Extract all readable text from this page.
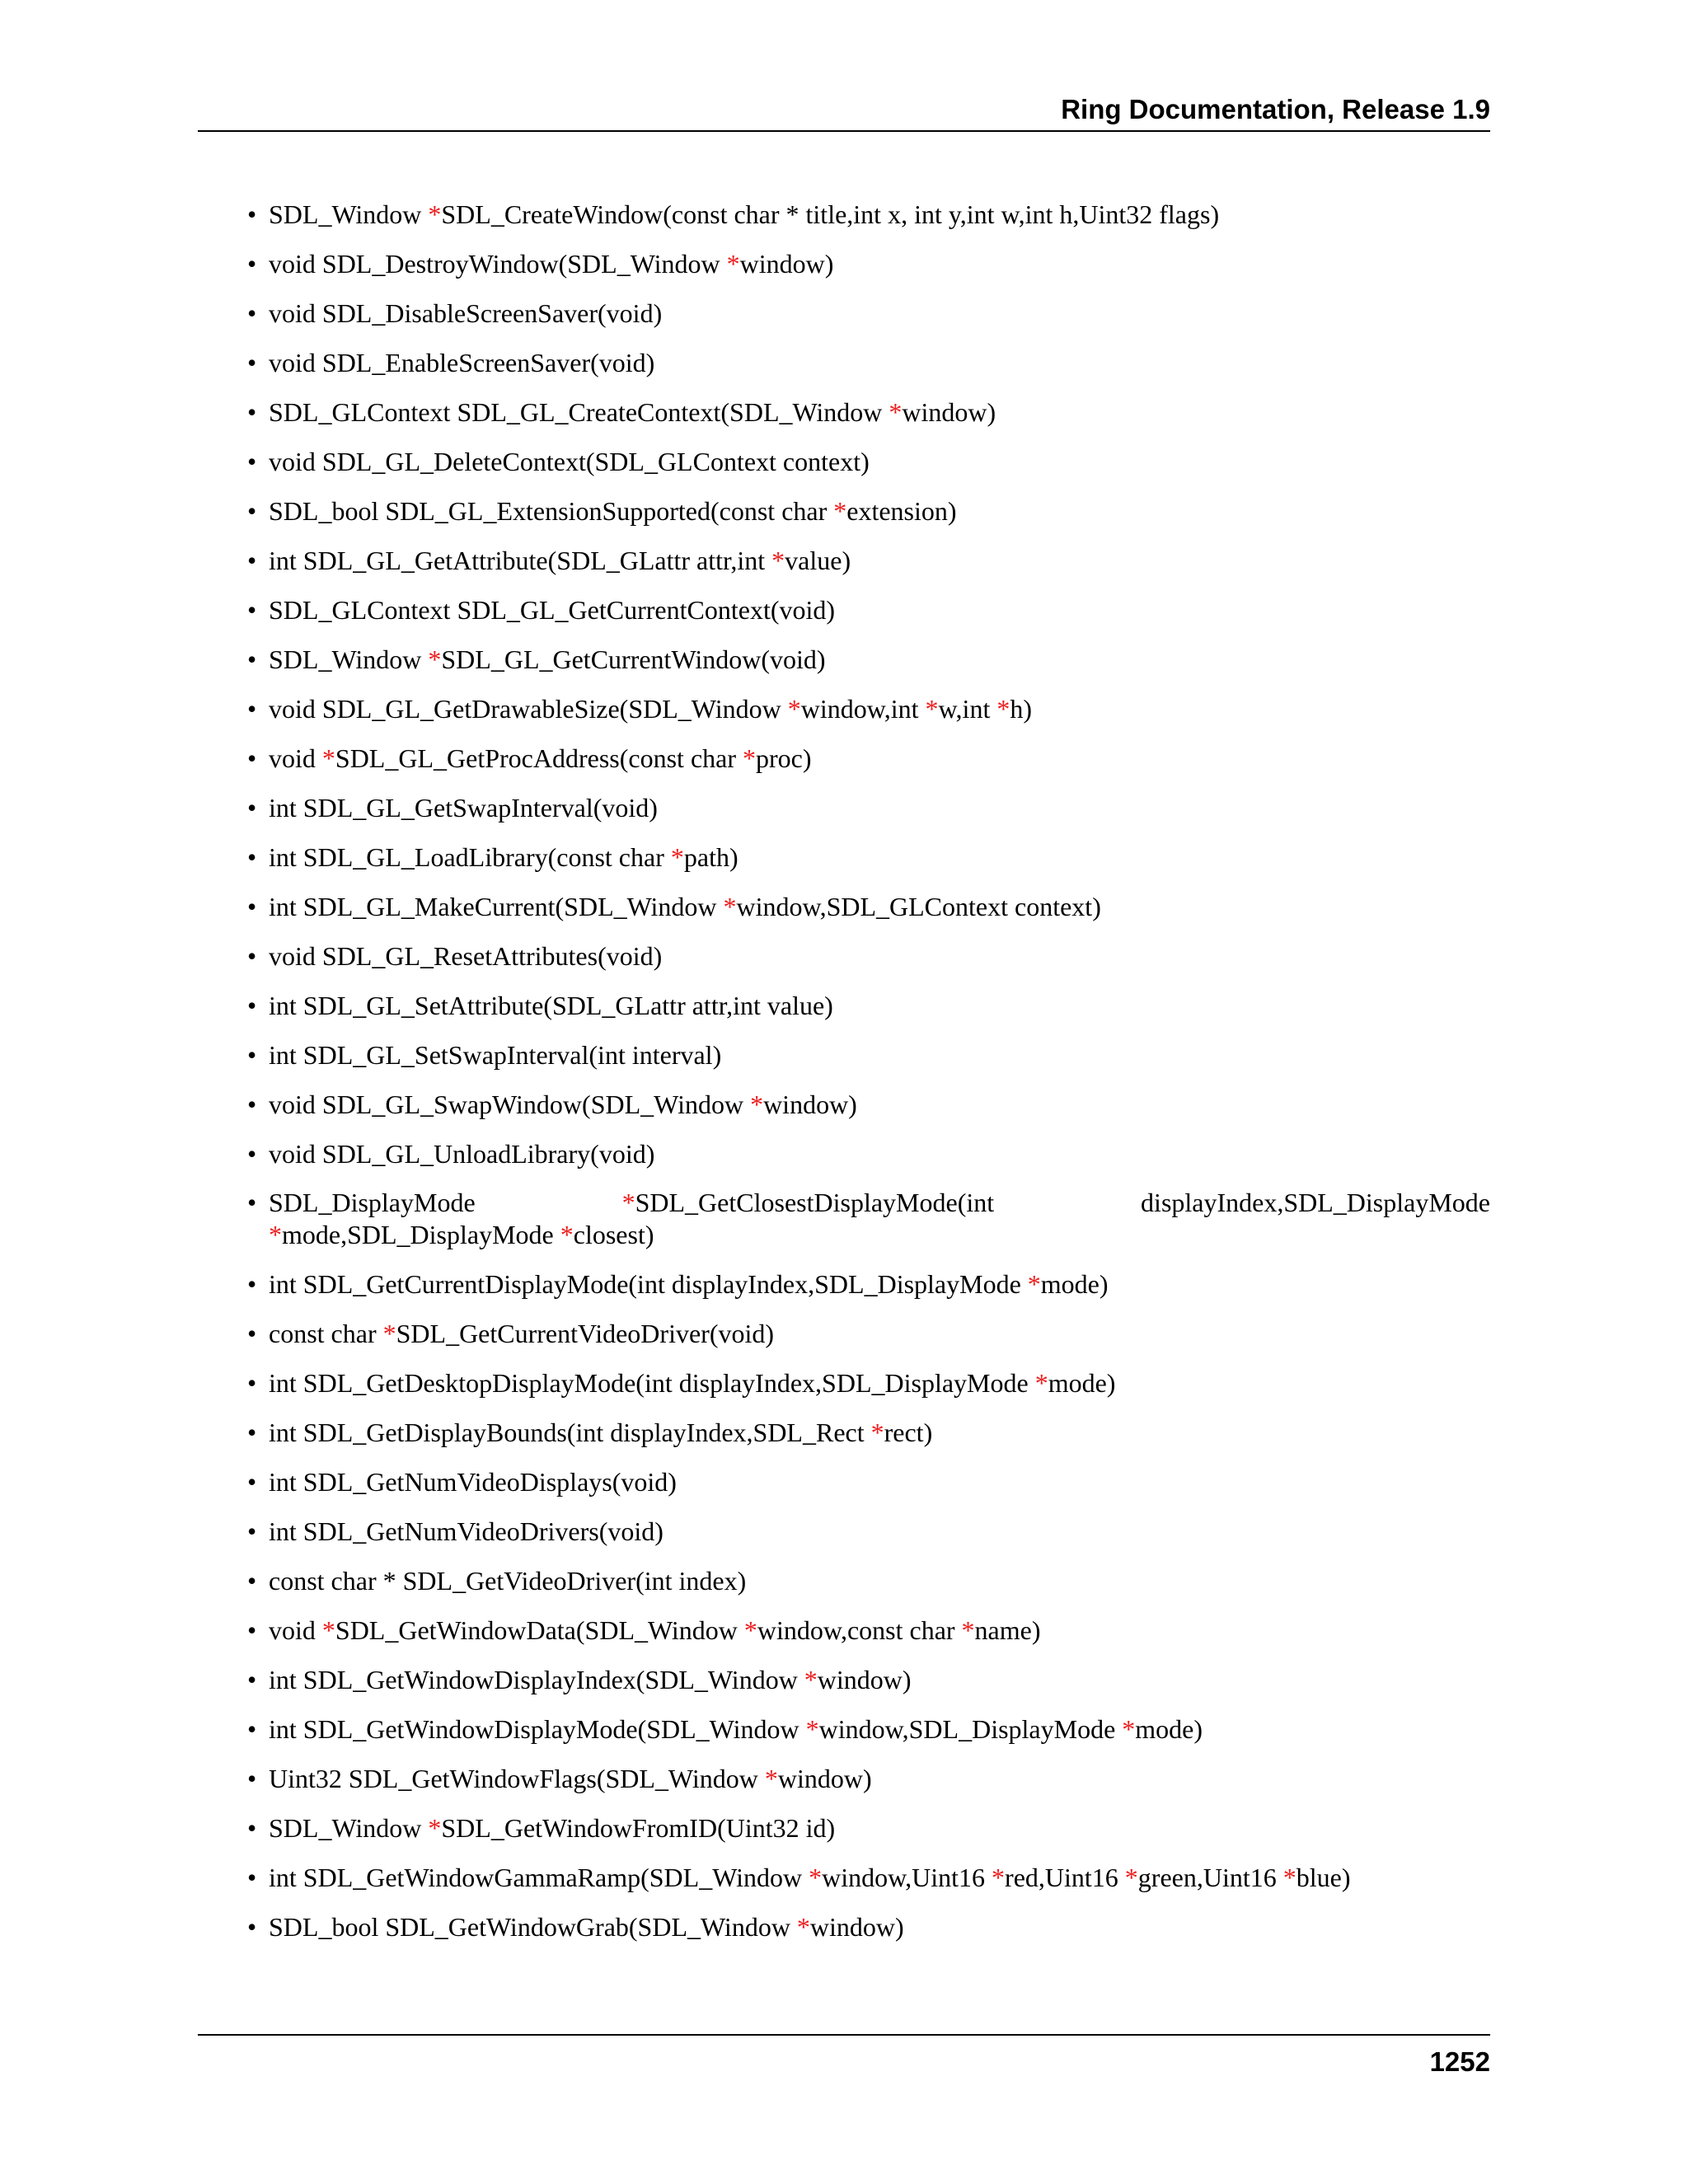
Ring Documentation, Release 1.9
• SDL_Window *SDL_CreateWindow(const char * title,int x, int y,int w,int h,Uint32 flags)
• void SDL_DestroyWindow(SDL_Window *window)
• void SDL_DisableScreenSaver(void)
• void SDL_EnableScreenSaver(void)
• SDL_GLContext SDL_GL_CreateContext(SDL_Window *window)
• void SDL_GL_DeleteContext(SDL_GLContext context)
• SDL_bool SDL_GL_ExtensionSupported(const char *extension)
• int SDL_GL_GetAttribute(SDL_GLattr attr,int *value)
• SDL_GLContext SDL_GL_GetCurrentContext(void)
• SDL_Window *SDL_GL_GetCurrentWindow(void)
• void SDL_GL_GetDrawableSize(SDL_Window *window,int *w,int *h)
• void *SDL_GL_GetProcAddress(const char *proc)
• int SDL_GL_GetSwapInterval(void)
• int SDL_GL_LoadLibrary(const char *path)
• int SDL_GL_MakeCurrent(SDL_Window *window,SDL_GLContext context)
• void SDL_GL_ResetAttributes(void)
• int SDL_GL_SetAttribute(SDL_GLattr attr,int value)
• int SDL_GL_SetSwapInterval(int interval)
• void SDL_GL_SwapWindow(SDL_Window *window)
• void SDL_GL_UnloadLibrary(void)
• SDL_DisplayMode *SDL_GetClosestDisplayMode(int displayIndex,SDL_DisplayMode *mode,SDL_DisplayMode *closest)
• int SDL_GetCurrentDisplayMode(int displayIndex,SDL_DisplayMode *mode)
• const char *SDL_GetCurrentVideoDriver(void)
• int SDL_GetDesktopDisplayMode(int displayIndex,SDL_DisplayMode *mode)
• int SDL_GetDisplayBounds(int displayIndex,SDL_Rect *rect)
• int SDL_GetNumVideoDisplays(void)
• int SDL_GetNumVideoDrivers(void)
• const char * SDL_GetVideoDriver(int index)
• void *SDL_GetWindowData(SDL_Window *window,const char *name)
• int SDL_GetWindowDisplayIndex(SDL_Window *window)
• int SDL_GetWindowDisplayMode(SDL_Window *window,SDL_DisplayMode *mode)
• Uint32 SDL_GetWindowFlags(SDL_Window *window)
• SDL_Window *SDL_GetWindowFromID(Uint32 id)
• int SDL_GetWindowGammaRamp(SDL_Window *window,Uint16 *red,Uint16 *green,Uint16 *blue)
• SDL_bool SDL_GetWindowGrab(SDL_Window *window)
1252
